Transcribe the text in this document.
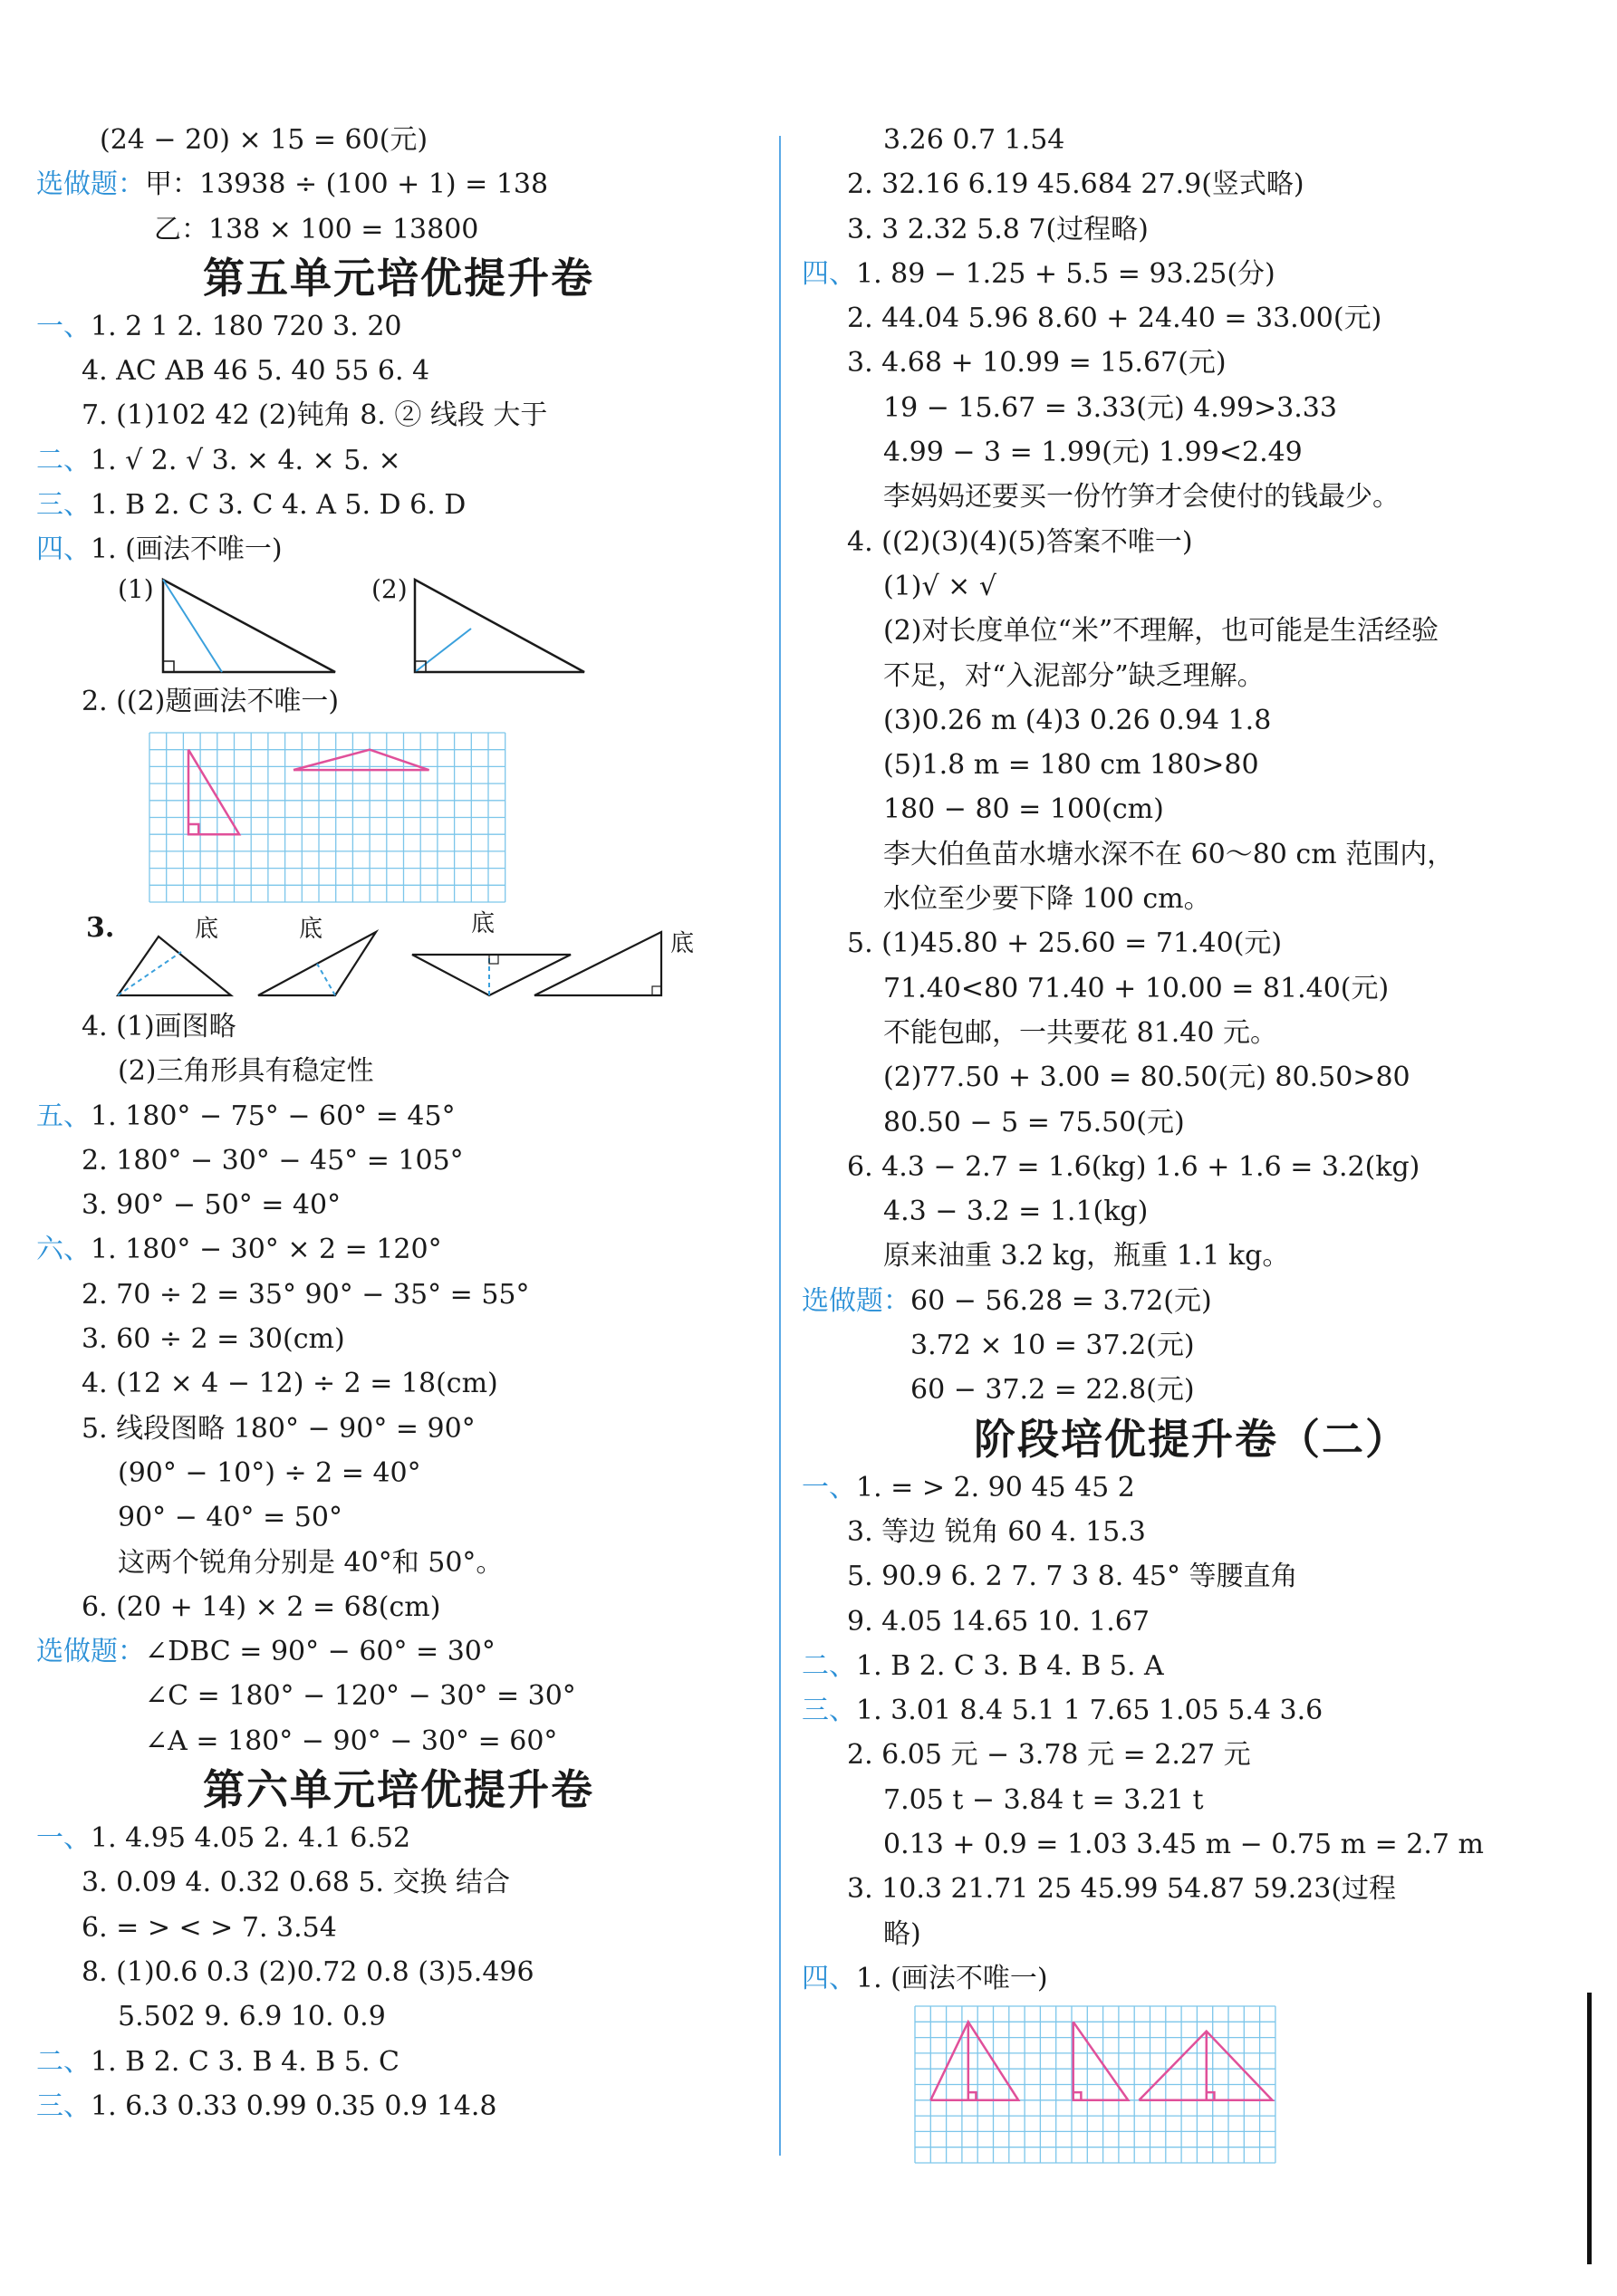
(24 − 20) × 15 = 60(元)
选做题：甲：13938 ÷ (100 + 1) = 138
乙：138 × 100 = 13800
第五单元培优提升卷
一、1. 2 1 2. 180 720 3. 20
4. AC AB 46 5. 40 55 6. 4
7. (1)102 42 (2)钝角 8. ② 线段 大于
二、1. √ 2. √ 3. × 4. × 5. ×
三、1. B 2. C 3. C 4. A 5. D 6. D
四、1. (画法不唯一)
(1)	(2)
2. ((2)题画法不唯一)
3.	底	底	底
底
4. (1)画图略
(2)三角形具有稳定性
五、1. 180° − 75° − 60° = 45°
2. 180° − 30° − 45° = 105°
3. 90° − 50° = 40°
六、1. 180° − 30° × 2 = 120°
2. 70 ÷ 2 = 35° 90° − 35° = 55°
3. 60 ÷ 2 = 30(cm)
4. (12 × 4 − 12) ÷ 2 = 18(cm)
5. 线段图略 180° − 90° = 90°
(90° − 10°) ÷ 2 = 40°
90° − 40° = 50°
这两个锐角分别是 40°和 50°。
6. (20 + 14) × 2 = 68(cm)
选做题：∠DBC = 90° − 60° = 30°
∠C = 180° − 120° − 30° = 30°
∠A = 180° − 90° − 30° = 60°
第六单元培优提升卷
一、1. 4.95 4.05 2. 4.1 6.52
3. 0.09 4. 0.32 0.68 5. 交换 结合
6. = > < > 7. 3.54
8. (1)0.6 0.3 (2)0.72 0.8 (3)5.496
5.502 9. 6.9 10. 0.9
二、1. B 2. C 3. B 4. B 5. C
三、1. 6.3 0.33 0.99 0.35 0.9 14.8
3.26 0.7 1.54
2. 32.16 6.19 45.684 27.9(竖式略)
3. 3 2.32 5.8 7(过程略)
四、1. 89 − 1.25 + 5.5 = 93.25(分)
2. 44.04 5.96 8.60 + 24.40 = 33.00(元)
3. 4.68 + 10.99 = 15.67(元)
19 − 15.67 = 3.33(元) 4.99>3.33
4.99 − 3 = 1.99(元) 1.99<2.49
李妈妈还要买一份竹笋才会使付的钱最少。
4. ((2)(3)(4)(5)答案不唯一)
(1)√ × √
(2)对长度单位“米”不理解，也可能是生活经验
不足，对“入泥部分”缺乏理解。
(3)0.26 m (4)3 0.26 0.94 1.8
(5)1.8 m = 180 cm 180>80
180 − 80 = 100(cm)
李大伯鱼苗水塘水深不在 60～80 cm 范围内，
水位至少要下降 100 cm。
5. (1)45.80 + 25.60 = 71.40(元)
71.40<80 71.40 + 10.00 = 81.40(元)
不能包邮，一共要花 81.40 元。
(2)77.50 + 3.00 = 80.50(元) 80.50>80
80.50 − 5 = 75.50(元)
6. 4.3 − 2.7 = 1.6(kg) 1.6 + 1.6 = 3.2(kg)
4.3 − 3.2 = 1.1(kg)
原来油重 3.2 kg，瓶重 1.1 kg。
选做题：60 − 56.28 = 3.72(元)
3.72 × 10 = 37.2(元)
60 − 37.2 = 22.8(元)
阶段培优提升卷（二）
一、1. = > 2. 90 45 45 2
3. 等边 锐角 60 4. 15.3
5. 90.9 6. 2 7. 7 3 8. 45° 等腰直角
9. 4.05 14.65 10. 1.67
二、1. B 2. C 3. B 4. B 5. A
三、1. 3.01 8.4 5.1 1 7.65 1.05 5.4 3.6
2. 6.05 元 − 3.78 元 = 2.27 元
7.05 t − 3.84 t = 3.21 t
0.13 + 0.9 = 1.03 3.45 m − 0.75 m = 2.7 m
3. 10.3 21.71 25 45.99 54.87 59.23(过程
略)
四、1. (画法不唯一)
